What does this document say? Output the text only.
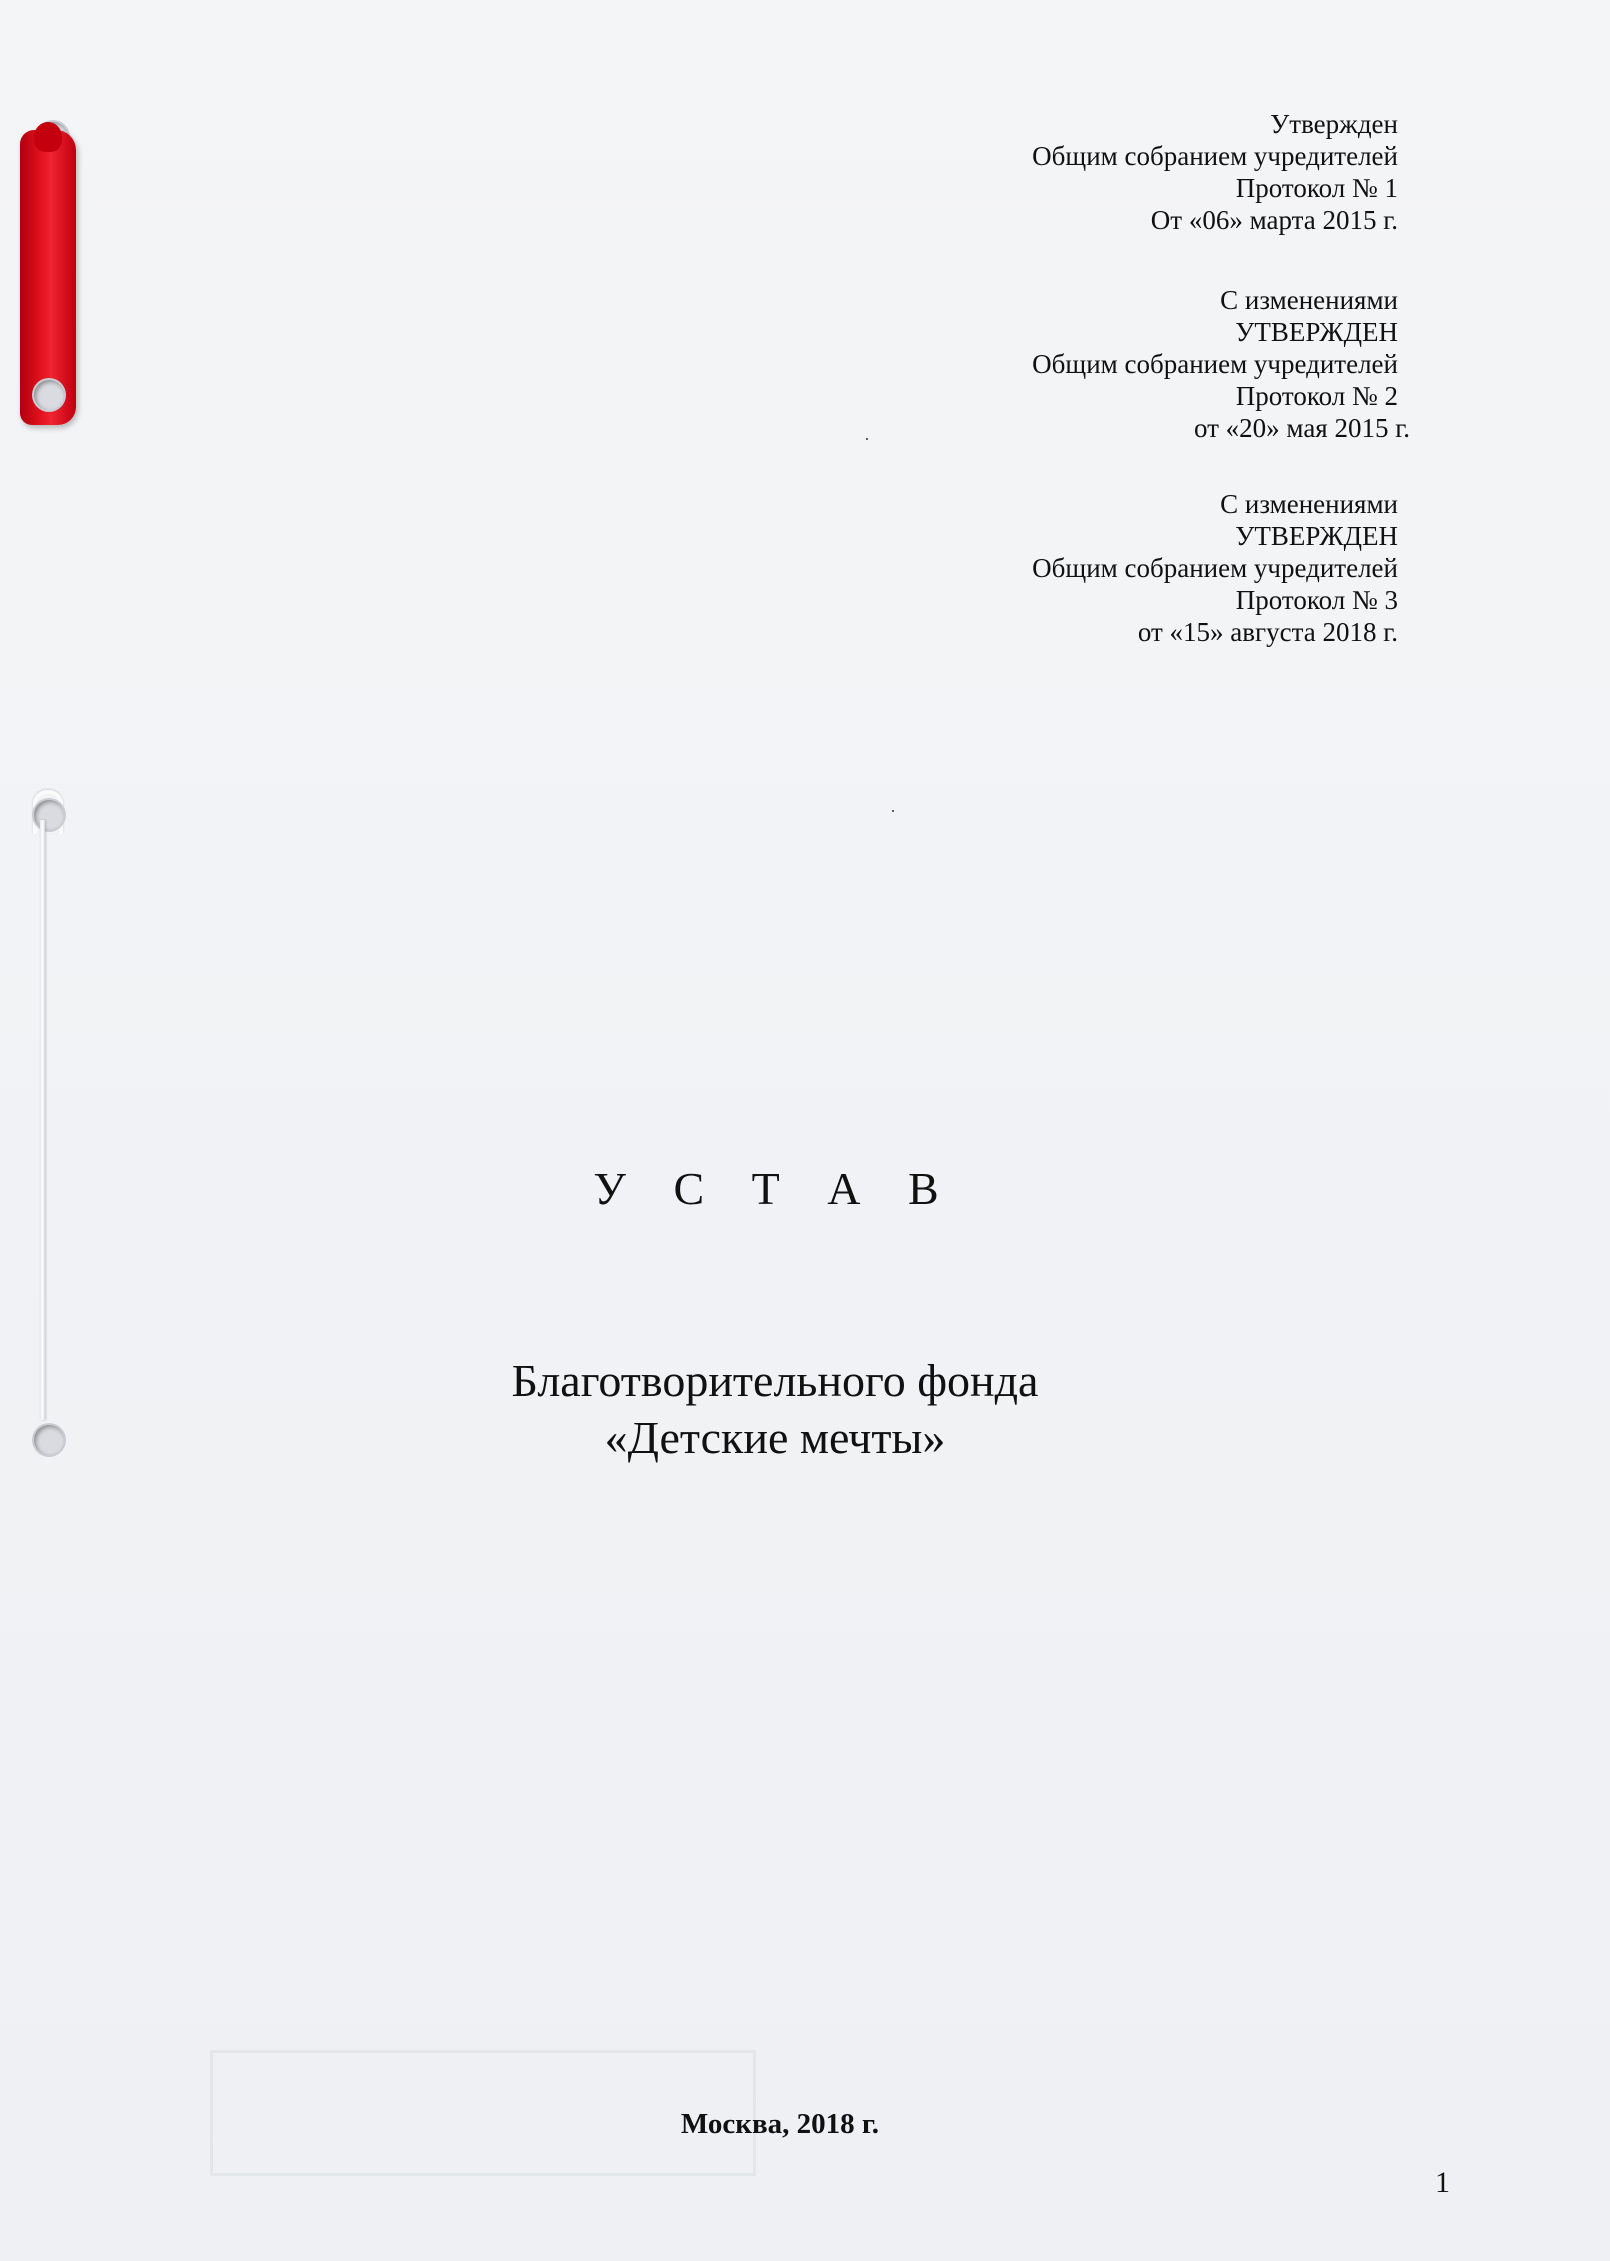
Утвержден
Общим собранием учредителей
Протокол № 1
От «06» марта 2015 г.
С изменениями
УТВЕРЖДЕН
Общим собранием учредителей
Протокол № 2
от «20» мая 2015 г.
С изменениями
УТВЕРЖДЕН
Общим собранием учредителей
Протокол № 3
от «15» августа 2018 г.
У С Т А В
Благотворительного фонда
«Детские мечты»
Москва, 2018 г.
1
